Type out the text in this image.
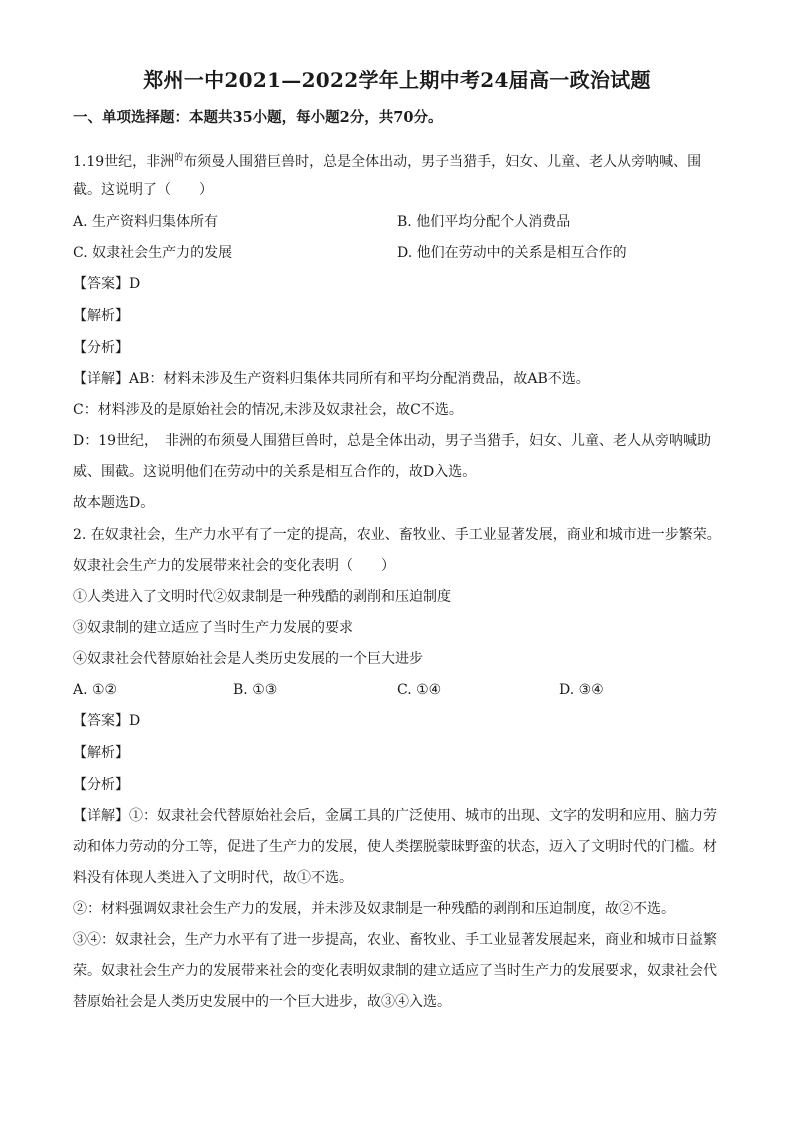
郑州一中2021—2022学年上期中考24届高一政治试题
一、单项选择题：本题共35小题，每小题2分，共70分。
1.19世纪，非洲$^的$布须曼人围猎巨兽时，总是全体出动，男子当猎手，妇女、儿童、老人从旁呐喊、围
截。这说明了（　　）
A. 生产资料归集体所有	B. 他们平均分配个人消费品
C. 奴隶社会生产力的发展	D. 他们在劳动中的关系是相互合作的
【答案】D
【解析】
【分析】
【详解】AB：材料未涉及生产资料归集体共同所有和平均分配消费品，故AB不选。
C：材料涉及的是原始社会的情况,未涉及奴隶社会，故C不选。
D：19世纪，　非洲的布须曼人围猎巨兽时，总是全体出动，男子当猎手，妇女、儿童、老人从旁呐喊助
威、围截。这说明他们在劳动中的关系是相互合作的，故D入选。
故本题选D。
2. 在奴隶社会，生产力水平有了一定的提高，农业、畜牧业、手工业显著发展，商业和城市进一步繁荣。
奴隶社会生产力的发展带来社会的变化表明（　　）
①人类进入了文明时代②奴隶制是一种残酷的剥削和压迫制度
③奴隶制的建立适应了当时生产力发展的要求
④奴隶社会代替原始社会是人类历史发展的一个巨大进步
A. ①②	B. ①③	C. ①④	D. ③④
【答案】D
【解析】
【分析】
【详解】①：奴隶社会代替原始社会后，金属工具的广泛使用、城市的出现、文字的发明和应用、脑力劳
动和体力劳动的分工等，促进了生产力的发展，使人类摆脱蒙昧野蛮的状态，迈入了文明时代的门槛。材
料没有体现人类进入了文明时代，故①不选。
②：材料强调奴隶社会生产力的发展，并未涉及奴隶制是一种残酷的剥削和压迫制度，故②不选。
③④：奴隶社会，生产力水平有了进一步提高，农业、畜牧业、手工业显著发展起来，商业和城市日益繁
荣。奴隶社会生产力的发展带来社会的变化表明奴隶制的建立适应了当时生产力的发展要求，奴隶社会代
替原始社会是人类历史发展中的一个巨大进步，故③④入选。
